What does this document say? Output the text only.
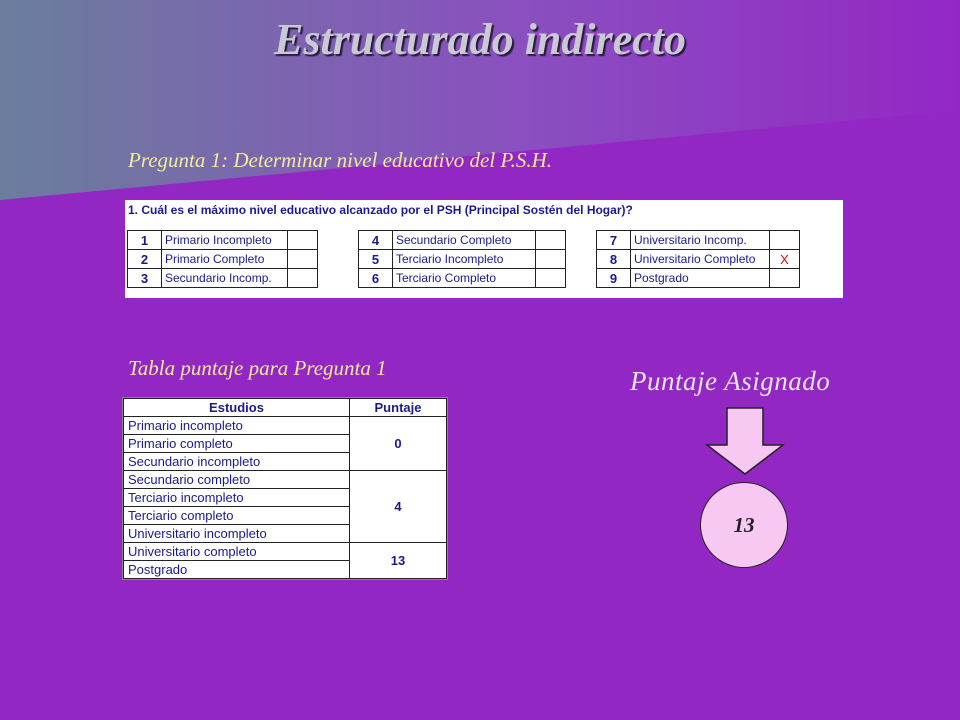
Estructurado indirecto
Pregunta 1: Determinar nivel educativo del P.S.H.
1. Cuál es el máximo nivel educativo alcanzado por el PSH (Principal Sostén del Hogar)?
1	Primario Incompleto	
2	Primario Completo	
3	Secundario Incomp.	
4	Secundario Completo	
5	Terciario Incompleto	
6	Terciario Completo	
7	Universitario Incomp.	
8	Universitario Completo	X
9	Postgrado	
Tabla puntaje para Pregunta 1
Estudios	Puntaje
Primario incompleto	0
Primario completo	
Secundario incompleto	
Secundario completo	4
Terciario incompleto	
Terciario completo	
Universitario incompleto	
Universitario completo	13
Postgrado	
Puntaje Asignado
13
